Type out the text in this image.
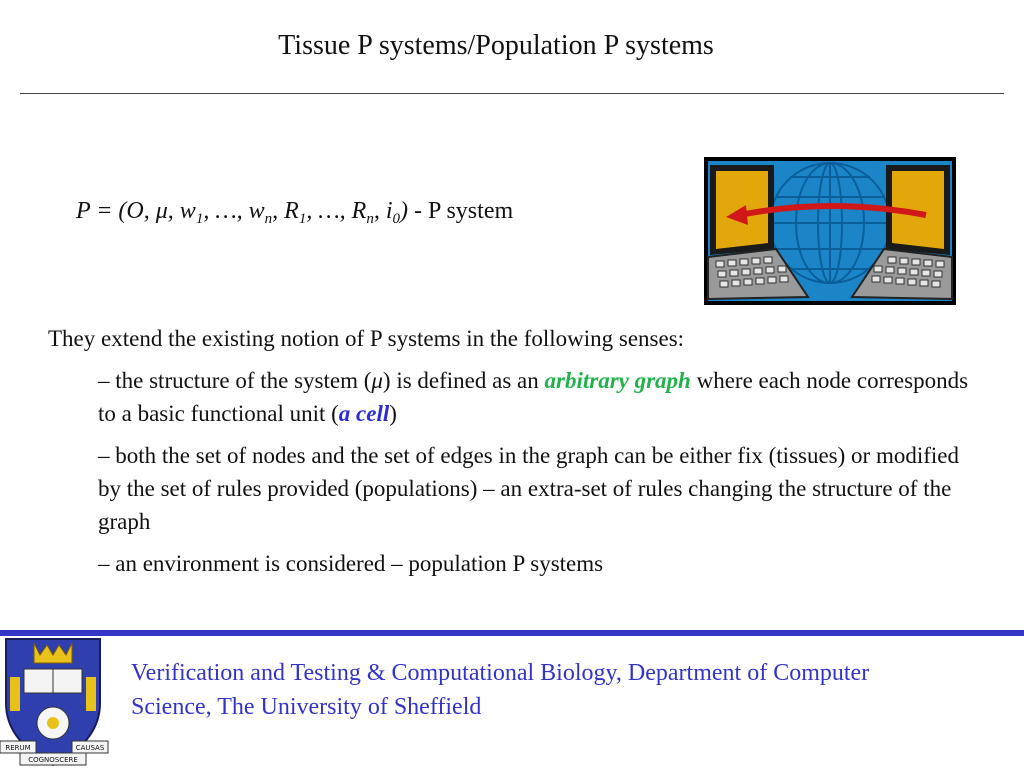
Tissue P systems/Population P systems
P = (O, μ, $w_1$, …, $w_n$, $R_1$, …, $R_n$, $i_0$) - P system
They extend the existing notion of P systems in the following senses:
– the structure of the system (μ) is defined as an arbitrary graph where each node corresponds to a basic functional unit (a cell)
– both the set of nodes and the set of edges in the graph can be either fix (tissues) or modified by the set of rules provided (populations) – an extra-set of rules changing the structure of the graph
– an environment is considered – population P systems
RERUM	CAUSAS
COGNOSCERE
Verification and Testing & Computational Biology, Department of Computer Science, The University of Sheffield
